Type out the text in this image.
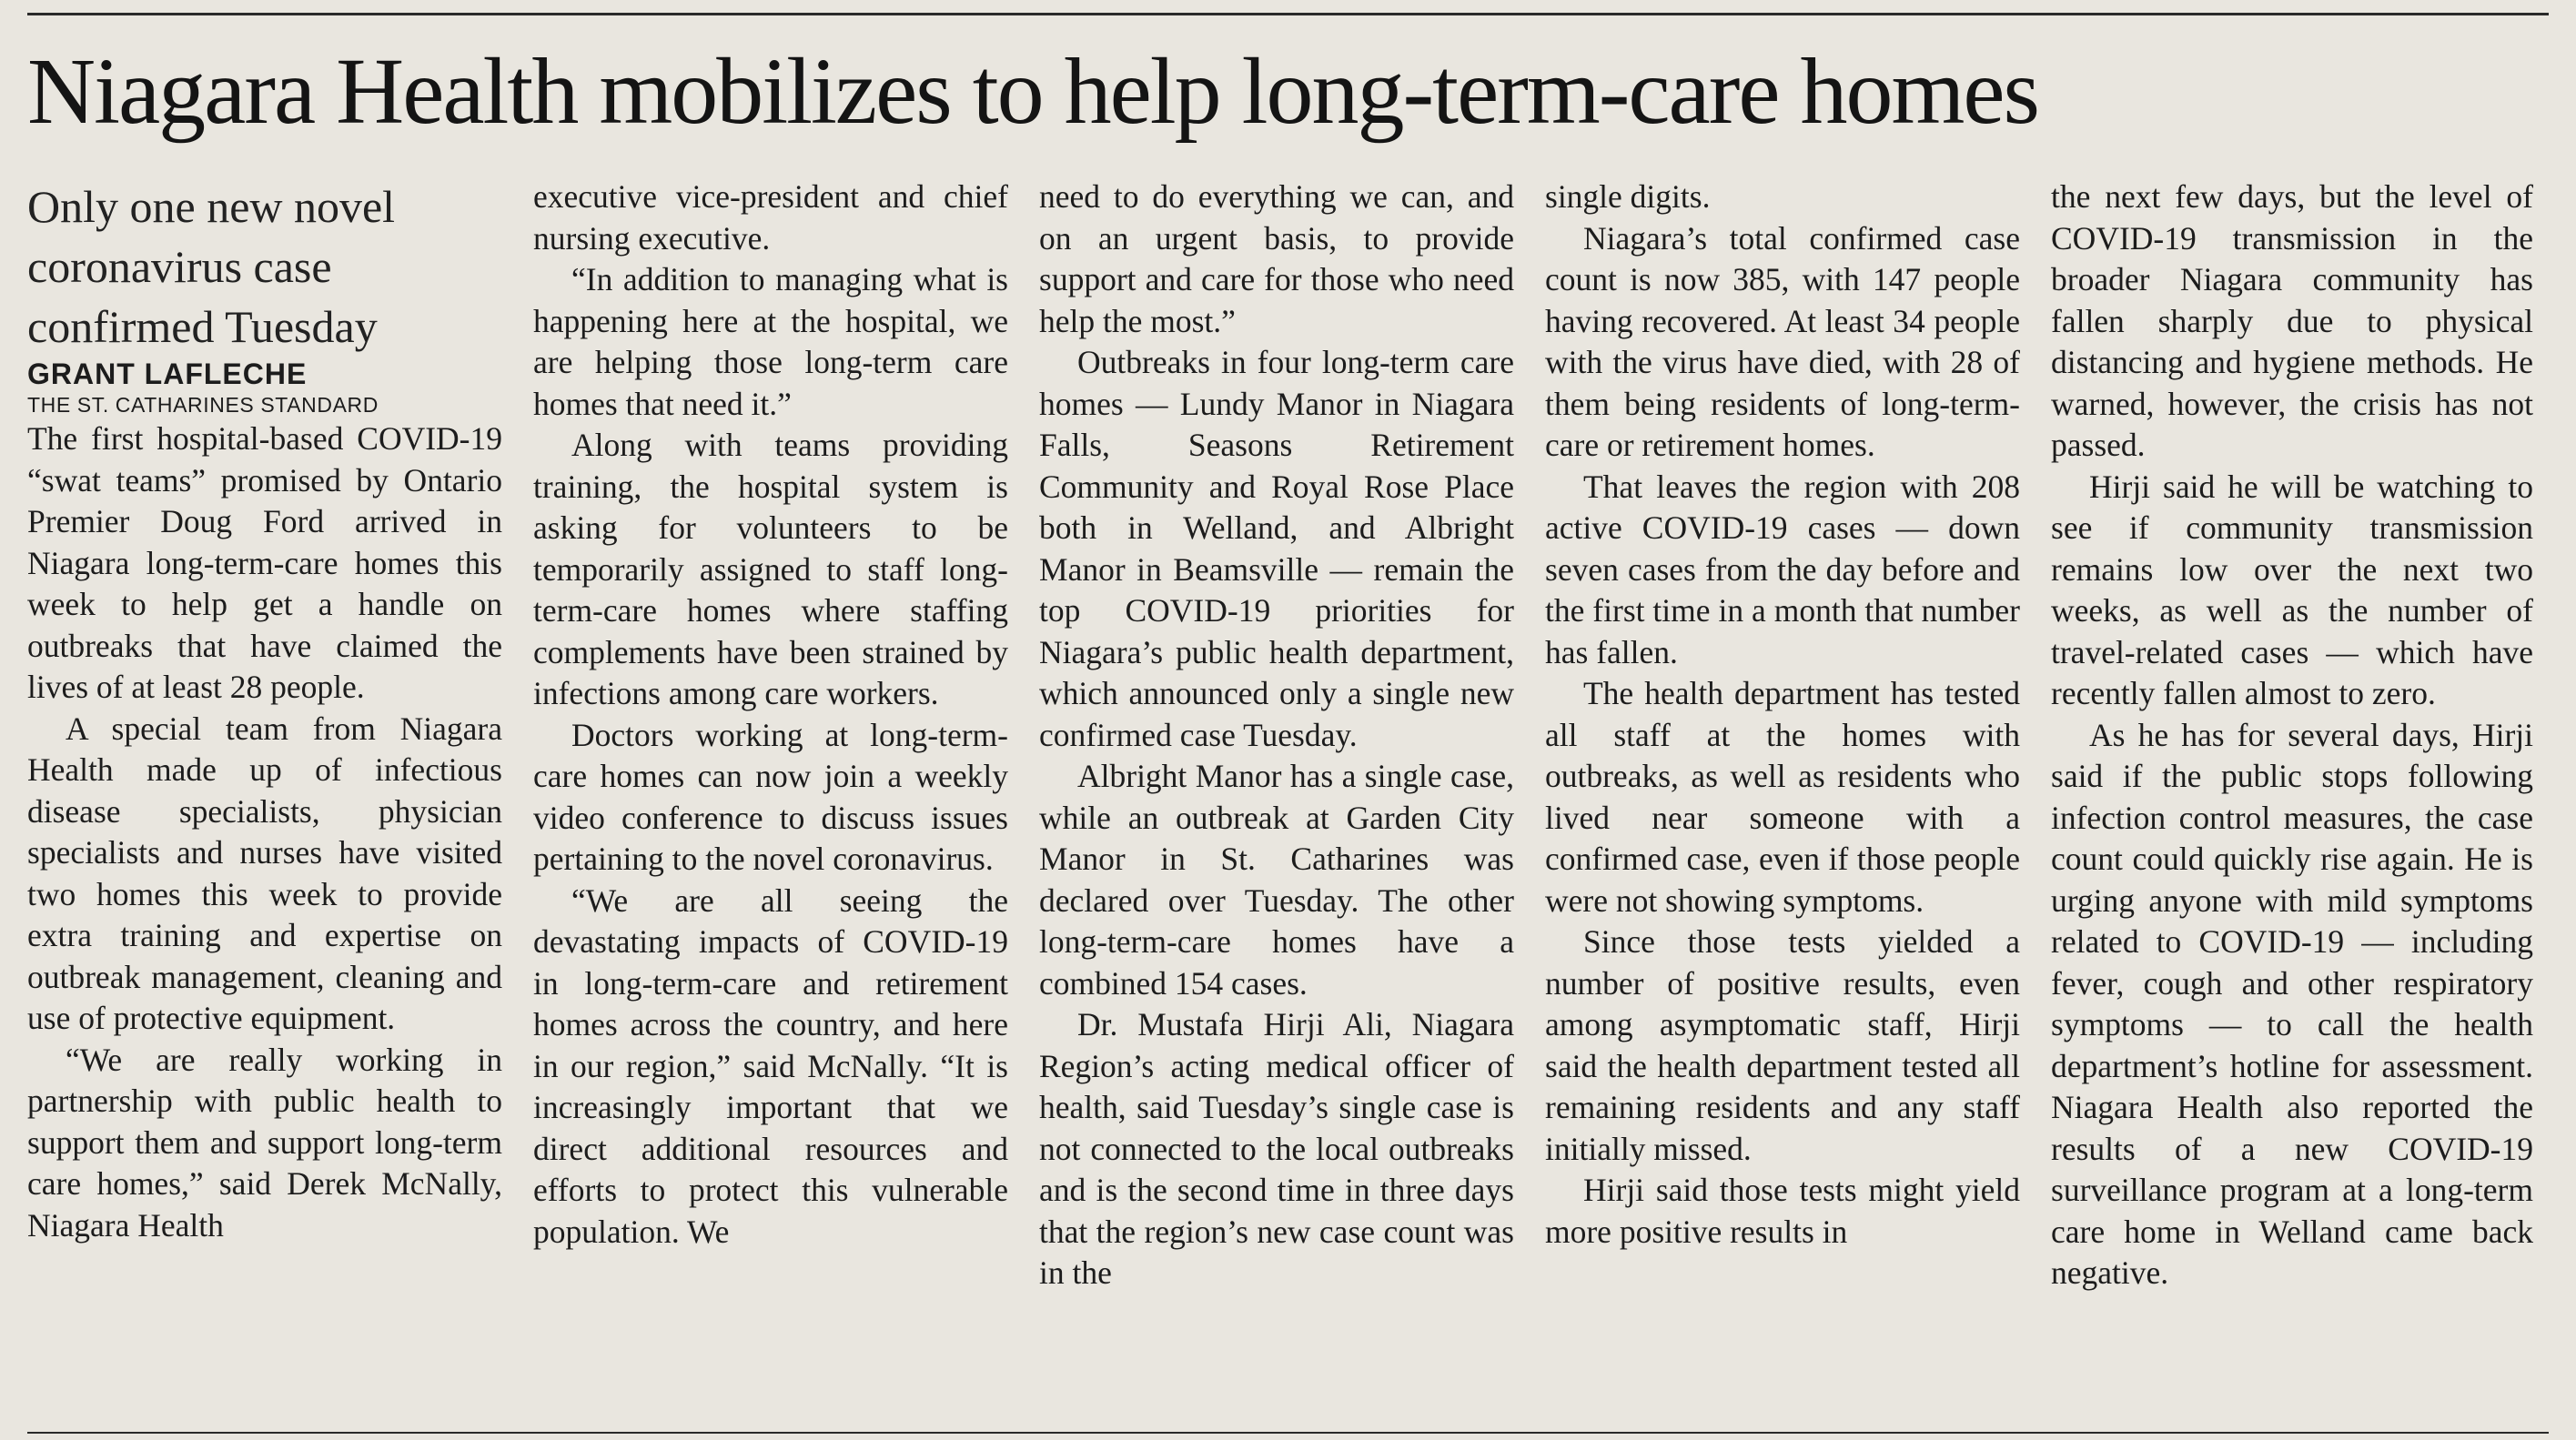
Niagara Health mobilizes to help long-term-care homes

Only one new novel coronavirus case confirmed Tuesday

GRANT LAFLECHE

THE ST. CATHARINES STANDARD

The first hospital-based COVID-19 “swat teams” promised by Ontario Premier Doug Ford arrived in Niagara long-term-care homes this week to help get a handle on outbreaks that have claimed the lives of at least 28 people.

A special team from Niagara Health made up of infectious disease specialists, physician specialists and nurses have visited two homes this week to provide extra training and expertise on outbreak management, cleaning and use of protective equipment.

“We are really working in partnership with public health to support them and support long-term care homes,” said Derek McNally, Niagara Health

executive vice-president and chief nursing executive.

“In addition to managing what is happening here at the hospital, we are helping those long-term care homes that need it.”

Along with teams providing training, the hospital system is asking for volunteers to be temporarily assigned to staff long-term-care homes where staffing complements have been strained by infections among care workers.

Doctors working at long-term-care homes can now join a weekly video conference to discuss issues pertaining to the novel coronavirus.

“We are all seeing the devastating impacts of COVID-19 in long-term-care and retirement homes across the country, and here in our region,” said McNally. “It is increasingly important that we direct additional resources and efforts to protect this vulnerable population. We

need to do everything we can, and on an urgent basis, to provide support and care for those who need help the most.”

Outbreaks in four long-term care homes — Lundy Manor in Niagara Falls, Seasons Retirement Community and Royal Rose Place both in Welland, and Albright Manor in Beamsville — remain the top COVID-19 priorities for Niagara’s public health department, which announced only a single new confirmed case Tuesday.

Albright Manor has a single case, while an outbreak at Garden City Manor in St. Catharines was declared over Tuesday. The other long-term-care homes have a combined 154 cases.

Dr. Mustafa Hirji Ali, Niagara Region’s acting medical officer of health, said Tuesday’s single case is not connected to the local outbreaks and is the second time in three days that the region’s new case count was in the

single digits.

Niagara’s total confirmed case count is now 385, with 147 people having recovered. At least 34 people with the virus have died, with 28 of them being residents of long-term-care or retirement homes.

That leaves the region with 208 active COVID-19 cases — down seven cases from the day before and the first time in a month that number has fallen.

The health department has tested all staff at the homes with outbreaks, as well as residents who lived near someone with a confirmed case, even if those people were not showing symptoms.

Since those tests yielded a number of positive results, even among asymptomatic staff, Hirji said the health department tested all remaining residents and any staff initially missed.

Hirji said those tests might yield more positive results in

the next few days, but the level of COVID-19 transmission in the broader Niagara community has fallen sharply due to physical distancing and hygiene methods. He warned, however, the crisis has not passed.

Hirji said he will be watching to see if community transmission remains low over the next two weeks, as well as the number of travel-related cases — which have recently fallen almost to zero.

As he has for several days, Hirji said if the public stops following infection control measures, the case count could quickly rise again. He is urging anyone with mild symptoms related to COVID-19 — including fever, cough and other respiratory symptoms — to call the health department’s hotline for assessment. Niagara Health also reported the results of a new COVID-19 surveillance program at a long-term care home in Welland came back negative.
